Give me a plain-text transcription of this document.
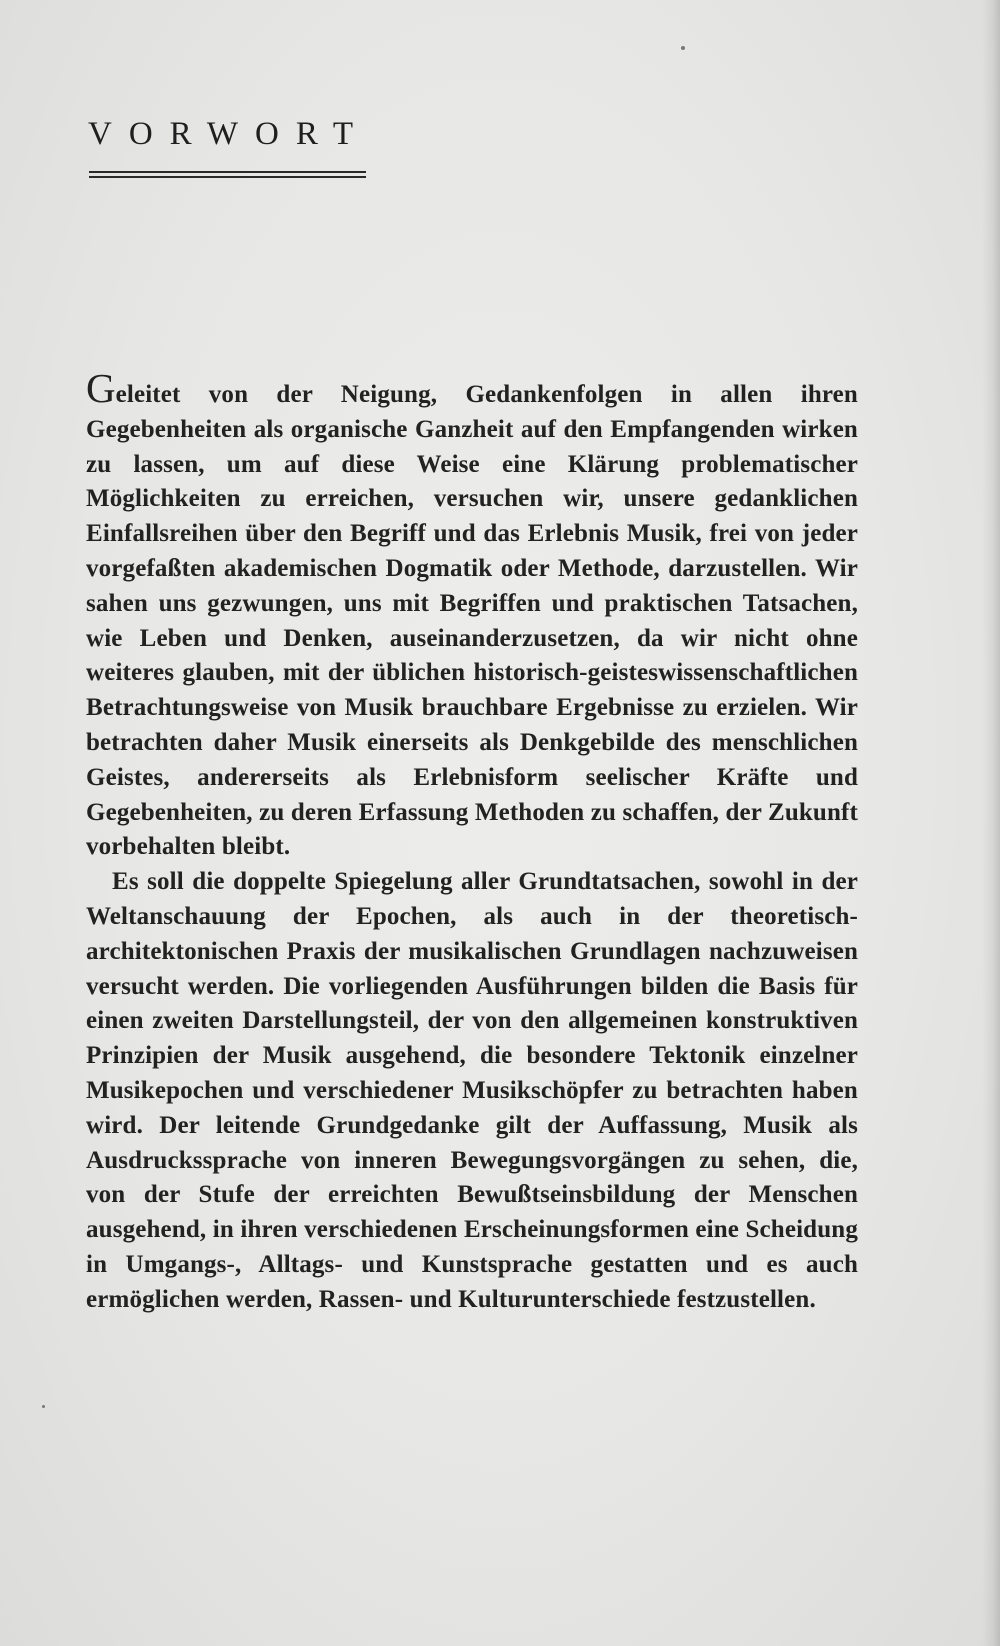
VORWORT

Geleitet von der Neigung, Gedankenfolgen in allen ihren Gegebenheiten als organische Ganzheit auf den Empfangenden wirken zu lassen, um auf diese Weise eine Klärung problematischer Möglichkeiten zu erreichen, versuchen wir, unsere gedanklichen Einfallsreihen über den Begriff und das Erlebnis Musik, frei von jeder vorgefaßten akademischen Dogmatik oder Methode, darzustellen. Wir sahen uns gezwungen, uns mit Begriffen und praktischen Tatsachen, wie Leben und Denken, auseinanderzusetzen, da wir nicht ohne weiteres glauben, mit der üblichen historisch-geisteswissenschaftlichen Betrachtungsweise von Musik brauchbare Ergebnisse zu erzielen. Wir betrachten daher Musik einerseits als Denkgebilde des menschlichen Geistes, andererseits als Erlebnisform seelischer Kräfte und Gegebenheiten, zu deren Erfassung Methoden zu schaffen, der Zukunft vorbehalten bleibt.

Es soll die doppelte Spiegelung aller Grundtatsachen, sowohl in der Weltanschauung der Epochen, als auch in der theoretisch-architektonischen Praxis der musikalischen Grundlagen nachzuweisen versucht werden. Die vorliegenden Ausführungen bilden die Basis für einen zweiten Darstellungsteil, der von den allgemeinen konstruktiven Prinzipien der Musik ausgehend, die besondere Tektonik einzelner Musikepochen und verschiedener Musikschöpfer zu betrachten haben wird. Der leitende Grundgedanke gilt der Auffassung, Musik als Ausdruckssprache von inneren Bewegungsvorgängen zu sehen, die, von der Stufe der erreichten Bewußtseinsbildung der Menschen ausgehend, in ihren verschiedenen Erscheinungsformen eine Scheidung in Umgangs-, Alltags- und Kunstsprache gestatten und es auch ermöglichen werden, Rassen- und Kulturunterschiede festzustellen.
